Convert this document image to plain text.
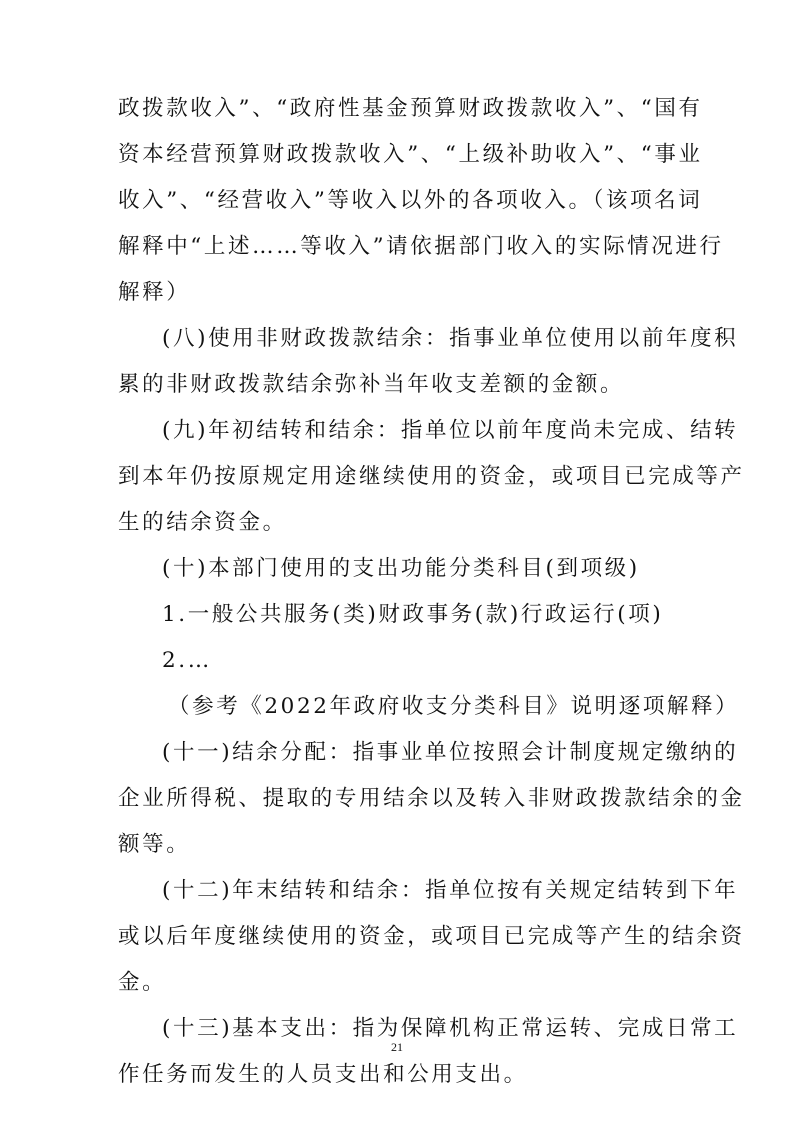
政拨款收入”、“政府性基金预算财政拨款收入”、“国有
资本经营预算财政拨款收入”、“上级补助收入”、“事业
收入”、“经营收入”等收入以外的各项收入。（该项名词
解释中“上述……等收入”请依据部门收入的实际情况进行
解释）
(八)使用非财政拨款结余：指事业单位使用以前年度积
累的非财政拨款结余弥补当年收支差额的金额。
(九)年初结转和结余：指单位以前年度尚未完成、结转
到本年仍按原规定用途继续使用的资金，或项目已完成等产
生的结余资金。
(十)本部门使用的支出功能分类科目(到项级)
1.一般公共服务(类)财政事务(款)行政运行(项)
2.…
（参考《2022年政府收支分类科目》说明逐项解释）
(十一)结余分配：指事业单位按照会计制度规定缴纳的
企业所得税、提取的专用结余以及转入非财政拨款结余的金
额等。
(十二)年末结转和结余：指单位按有关规定结转到下年
或以后年度继续使用的资金，或项目已完成等产生的结余资
金。
(十三)基本支出：指为保障机构正常运转、完成日常工
作任务而发生的人员支出和公用支出。
21
